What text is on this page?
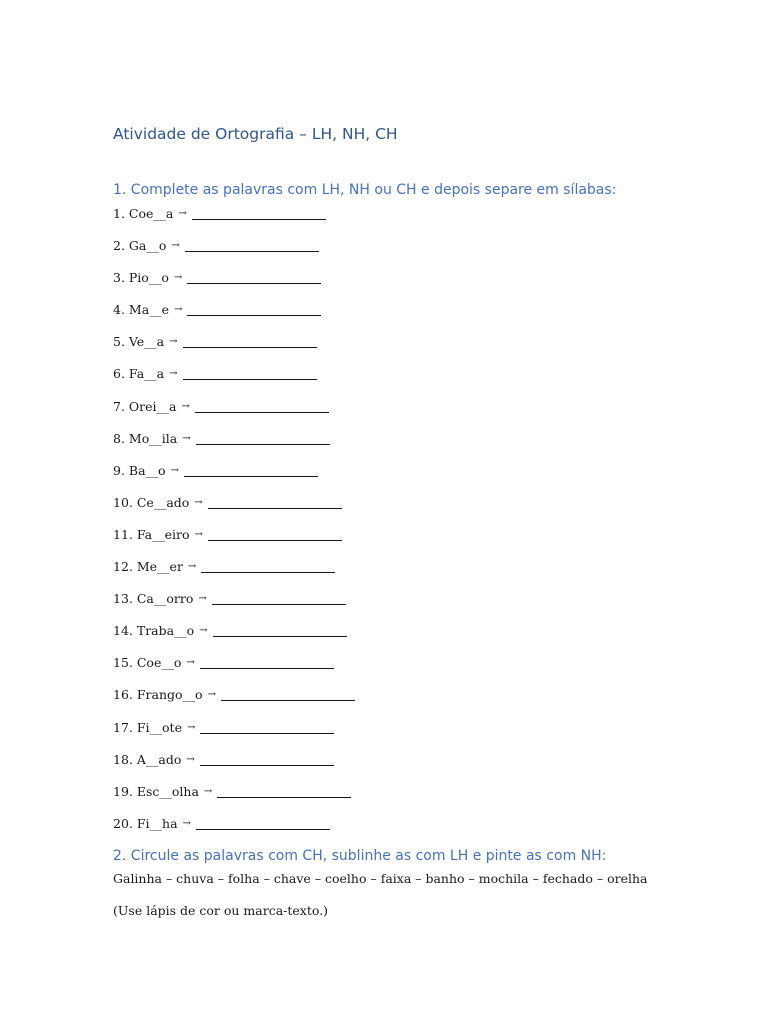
Atividade de Ortografia – LH, NH, CH
1. Complete as palavras com LH, NH ou CH e depois separe em sílabas:
1. Coe__a →
2. Ga__o →
3. Pio__o →
4. Ma__e →
5. Ve__a →
6. Fa__a →
7. Orei__a →
8. Mo__ila →
9. Ba__o →
10. Ce__ado →
11. Fa__eiro →
12. Me__er →
13. Ca__orro →
14. Traba__o →
15. Coe__o →
16. Frango__o →
17. Fi__ote →
18. A__ado →
19. Esc__olha →
20. Fi__ha →
2. Circule as palavras com CH, sublinhe as com LH e pinte as com NH:

Galinha – chuva – folha – chave – coelho – faixa – banho – mochila – fechado – orelha

(Use lápis de cor ou marca-texto.)
